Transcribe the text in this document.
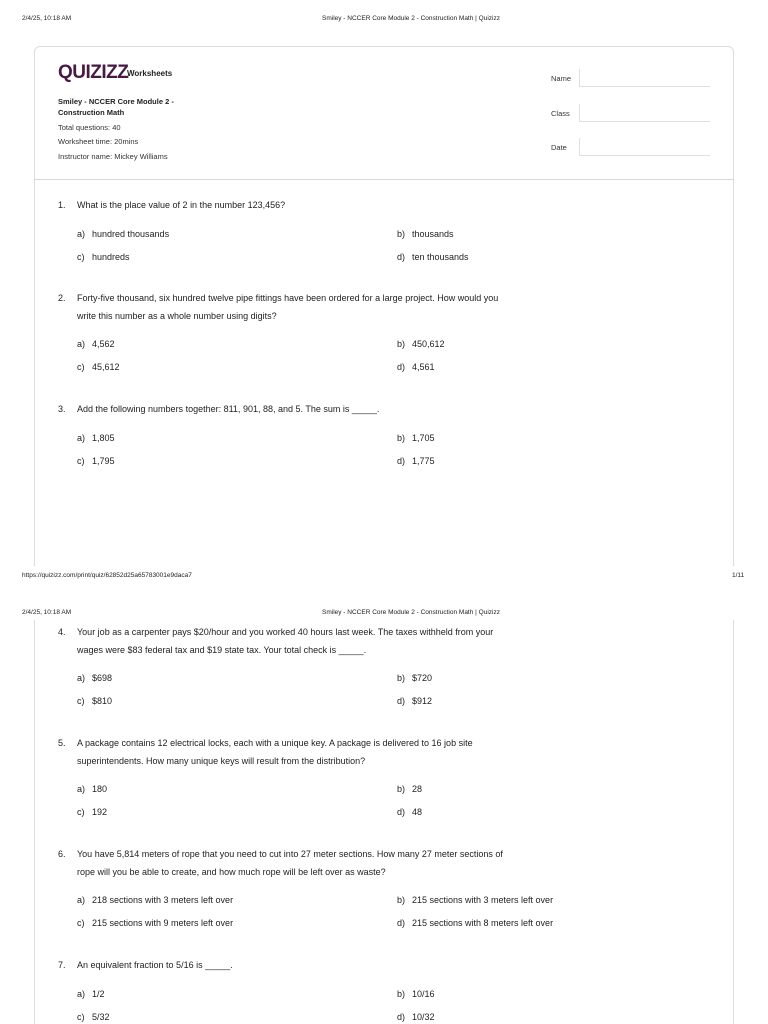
2/4/25, 10:18 AM	Smiley - NCCER Core Module 2 - Construction Math | Quizizz
QUIZIZZ
Worksheets
Smiley - NCCER Core Module 2 -
Construction Math
Total questions: 40
Worksheet time: 20mins
Instructor name: Mickey Williams
Name
Class
Date
1. What is the place value of 2 in the number 123,456?
a) hundred thousands	b) thousands
c) hundreds	d) ten thousands
2. Forty-five thousand, six hundred twelve pipe fittings have been ordered for a large project. How would you
write this number as a whole number using digits?
a) 4,562	b) 450,612
c) 45,612	d) 4,561
3. Add the following numbers together: 811, 901, 88, and 5. The sum is _____.
a) 1,805	b) 1,705
c) 1,795	d) 1,775
https://quizizz.com/print/quiz/62852d25a65783001e9daca7	1/11
2/4/25, 10:18 AM	Smiley - NCCER Core Module 2 - Construction Math | Quizizz
4. Your job as a carpenter pays $20/hour and you worked 40 hours last week. The taxes withheld from your
wages were $83 federal tax and $19 state tax. Your total check is _____.
a) $698	b) $720
c) $810	d) $912
5. A package contains 12 electrical locks, each with a unique key. A package is delivered to 16 job site
superintendents. How many unique keys will result from the distribution?
a) 180	b) 28
c) 192	d) 48
6. You have 5,814 meters of rope that you need to cut into 27 meter sections. How many 27 meter sections of
rope will you be able to create, and how much rope will be left over as waste?
a) 218 sections with 3 meters left over	b) 215 sections with 3 meters left over
c) 215 sections with 9 meters left over	d) 215 sections with 8 meters left over
7. An equivalent fraction to 5/16 is _____.
a) 1/2	b) 10/16
c) 5/32	d) 10/32
